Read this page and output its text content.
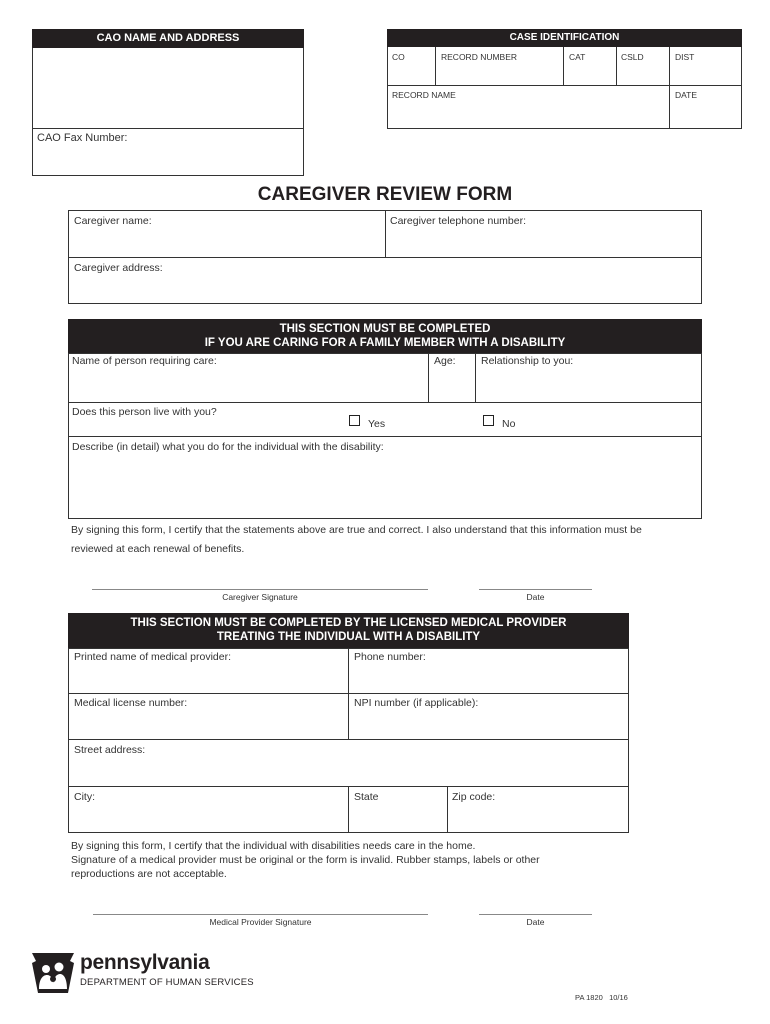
CAO NAME AND ADDRESS
CAO Fax Number:
CASE IDENTIFICATION
CO	RECORD NUMBER	CAT	CSLD	DIST
RECORD NAME	DATE
CAREGIVER REVIEW FORM
Caregiver name:	Caregiver telephone number:
Caregiver address:
THIS SECTION MUST BE COMPLETED
IF YOU ARE CARING FOR A FAMILY MEMBER WITH A DISABILITY
Name of person requiring care:	Age: Relationship to you:
Does this person live with you?
Yes	No
Describe (in detail) what you do for the individual with the disability:
By signing this form, I certify that the statements above are true and correct. I also understand that this information must be
reviewed at each renewal of benefits.
Caregiver Signature	Date
THIS SECTION MUST BE COMPLETED BY THE LICENSED MEDICAL PROVIDER
TREATING THE INDIVIDUAL WITH A DISABILITY
Printed name of medical provider:	Phone number:
Medical license number:	NPI number (if applicable):
Street address:
City:	State	Zip code:
By signing this form, I certify that the individual with disabilities needs care in the home.
Signature of a medical provider must be original or the form is invalid. Rubber stamps, labels or other
reproductions are not acceptable.
Medical Provider Signature	Date
pennsylvania
DEPARTMENT OF HUMAN SERVICES
PA 1820 10/16
